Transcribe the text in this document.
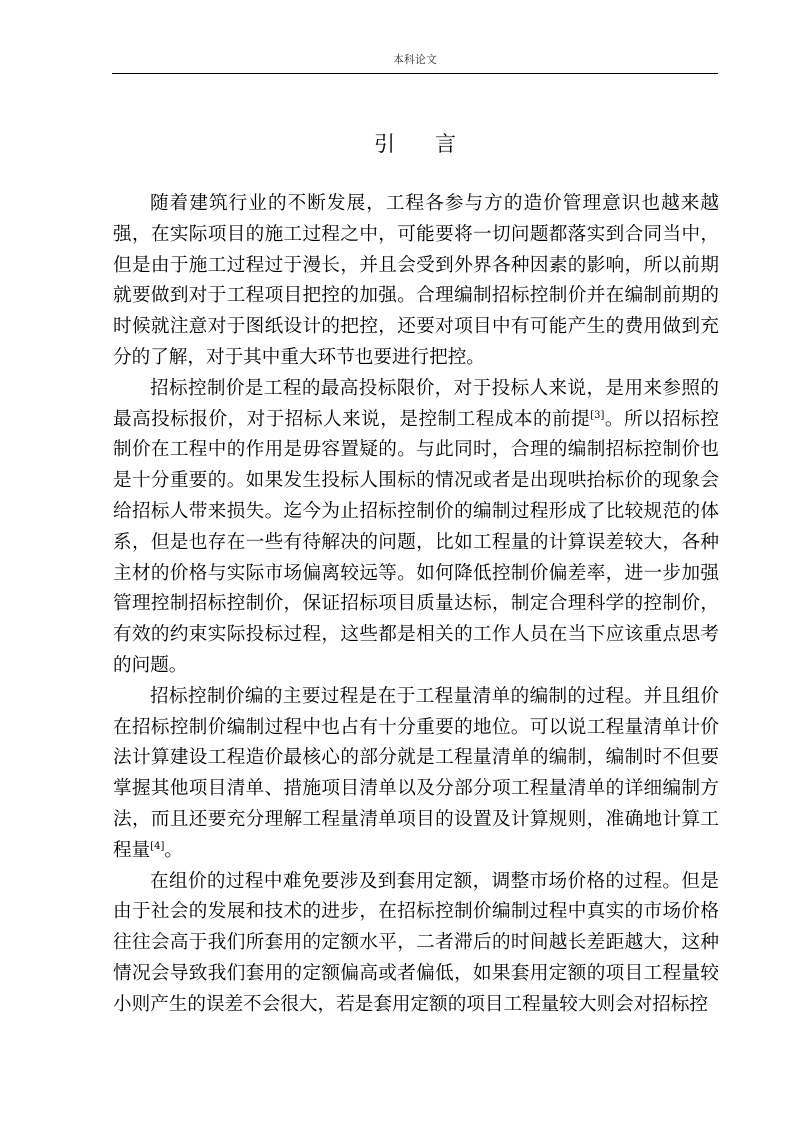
本科论文
引言

随着建筑行业的不断发展，工程各参与方的造价管理意识也越来越强，在实际项目的施工过程之中，可能要将一切问题都落实到合同当中，但是由于施工过程过于漫长，并且会受到外界各种因素的影响，所以前期就要做到对于工程项目把控的加强。合理编制招标控制价并在编制前期的时候就注意对于图纸设计的把控，还要对项目中有可能产生的费用做到充分的了解，对于其中重大环节也要进行把控。

招标控制价是工程的最高投标限价，对于投标人来说，是用来参照的最高投标报价，对于招标人来说，是控制工程成本的前提[3]。所以招标控制价在工程中的作用是毋容置疑的。与此同时，合理的编制招标控制价也是十分重要的。如果发生投标人围标的情况或者是出现哄抬标价的现象会给招标人带来损失。迄今为止招标控制价的编制过程形成了比较规范的体系，但是也存在一些有待解决的问题，比如工程量的计算误差较大，各种主材的价格与实际市场偏离较远等。如何降低控制价偏差率，进一步加强管理控制招标控制价，保证招标项目质量达标，制定合理科学的控制价，有效的约束实际投标过程，这些都是相关的工作人员在当下应该重点思考的问题。

招标控制价编的主要过程是在于工程量清单的编制的过程。并且组价在招标控制价编制过程中也占有十分重要的地位。可以说工程量清单计价法计算建设工程造价最核心的部分就是工程量清单的编制，编制时不但要掌握其他项目清单、措施项目清单以及分部分项工程量清单的详细编制方法，而且还要充分理解工程量清单项目的设置及计算规则，准确地计算工程量[4]。

在组价的过程中难免要涉及到套用定额，调整市场价格的过程。但是由于社会的发展和技术的进步，在招标控制价编制过程中真实的市场价格往往会高于我们所套用的定额水平，二者滞后的时间越长差距越大，这种情况会导致我们套用的定额偏高或者偏低，如果套用定额的项目工程量较小则产生的误差不会很大，若是套用定额的项目工程量较大则会对招标控
